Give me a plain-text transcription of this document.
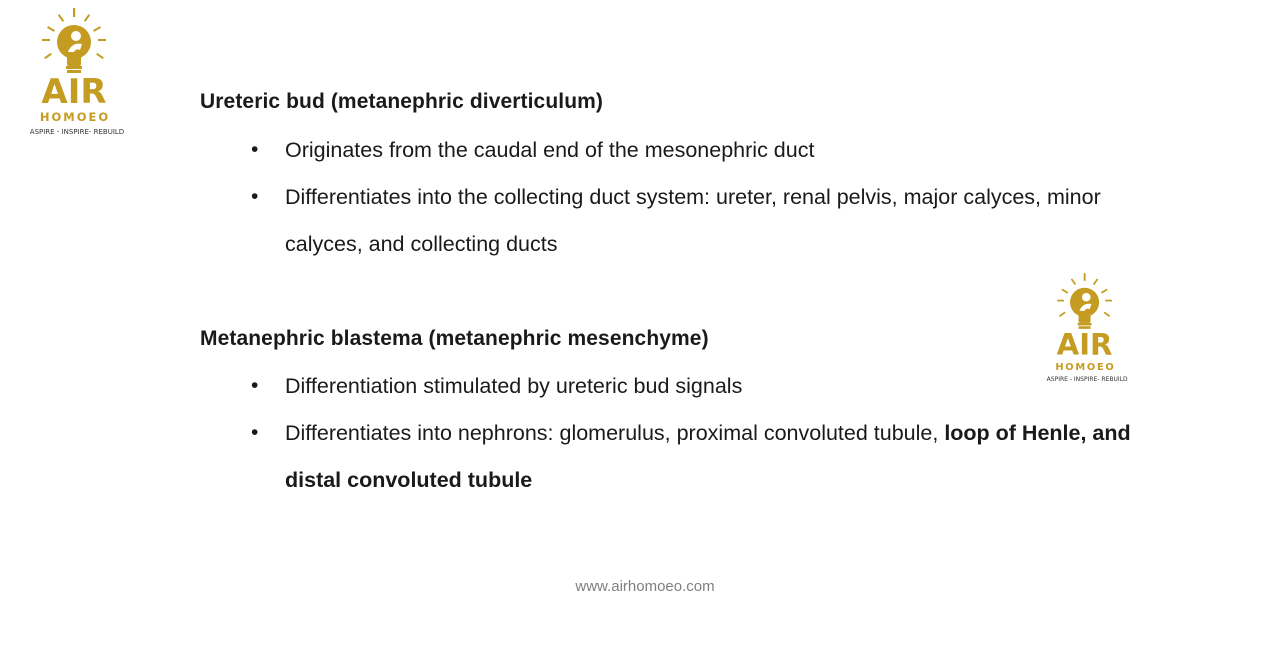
AIR
HOMOEO
ASPIRE - INSPIRE- REBUILD
Ureteric bud (metanephric diverticulum)
• Originates from the caudal end of the mesonephric duct
• Differentiates into the collecting duct system: ureter, renal pelvis, major calyces, minor calyces, and collecting ducts
Metanephric blastema (metanephric mesenchyme)
• Differentiation stimulated by ureteric bud signals
• Differentiates into nephrons: glomerulus, proximal convoluted tubule, loop of Henle, and distal convoluted tubule
AIR
HOMOEO
ASPIRE - INSPIRE- REBUILD
www.airhomoeo.com
